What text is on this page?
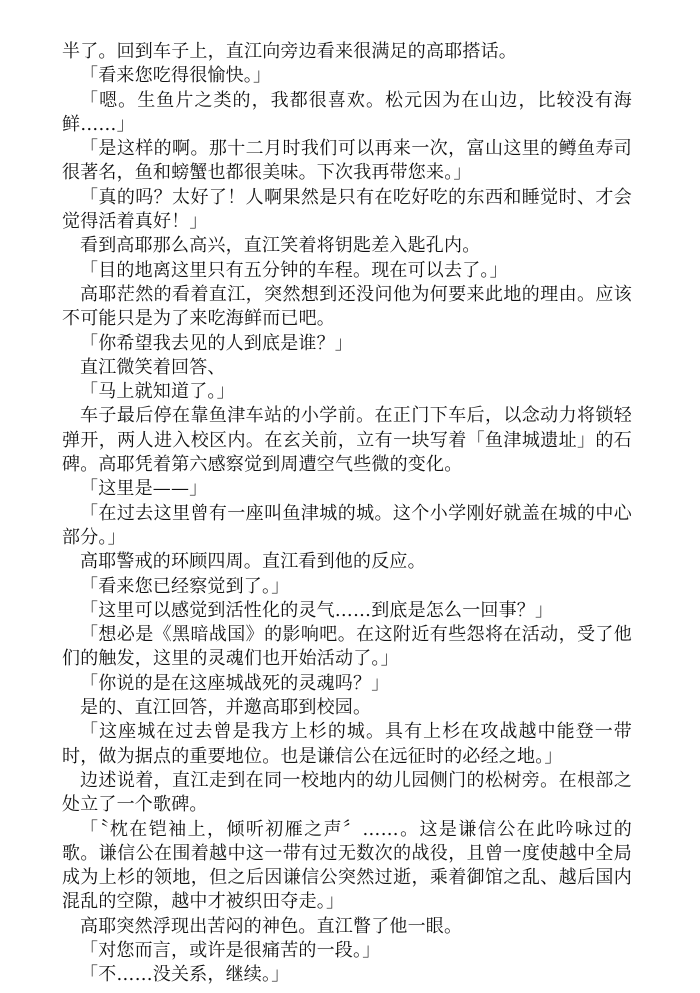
半了。回到车子上，直江向旁边看来很满足的高耶搭话。

「看来您吃得很愉快。」

「嗯。生鱼片之类的，我都很喜欢。松元因为在山边，比较没有海鲜……」

「是这样的啊。那十二月时我们可以再来一次，富山这里的鳟鱼寿司很著名，鱼和螃蟹也都很美味。下次我再带您来。」

「真的吗？太好了！人啊果然是只有在吃好吃的东西和睡觉时、才会觉得活着真好！」

看到高耶那么高兴，直江笑着将钥匙差入匙孔内。

「目的地离这里只有五分钟的车程。现在可以去了。」

高耶茫然的看着直江，突然想到还没问他为何要来此地的理由。应该不可能只是为了来吃海鲜而已吧。

「你希望我去见的人到底是谁？」

直江微笑着回答、

「马上就知道了。」

车子最后停在靠鱼津车站的小学前。在正门下车后，以念动力将锁轻弹开，两人进入校区内。在玄关前，立有一块写着「鱼津城遗址」的石碑。高耶凭着第六感察觉到周遭空气些微的变化。

「这里是——」

「在过去这里曾有一座叫鱼津城的城。这个小学刚好就盖在城的中心部分。」

高耶警戒的环顾四周。直江看到他的反应。

「看来您已经察觉到了。」

「这里可以感觉到活性化的灵气……到底是怎么一回事？」

「想必是《黑暗战国》的影响吧。在这附近有些怨将在活动，受了他们的触发，这里的灵魂们也开始活动了。」

「你说的是在这座城战死的灵魂吗？」

是的、直江回答，并邀高耶到校园。

「这座城在过去曾是我方上杉的城。具有上杉在攻战越中能登一带时，做为据点的重要地位。也是谦信公在远征时的必经之地。」

边述说着，直江走到在同一校地内的幼儿园侧门的松树旁。在根部之处立了一个歌碑。

「〝枕在铠袖上，倾听初雁之声〞……。这是谦信公在此吟咏过的歌。谦信公在围着越中这一带有过无数次的战役，且曾一度使越中全局成为上杉的领地，但之后因谦信公突然过逝，乘着御馆之乱、越后国内混乱的空隙，越中才被织田夺走。」

高耶突然浮现出苦闷的神色。直江瞥了他一眼。

「对您而言，或许是很痛苦的一段。」

「不……没关系，继续。」
